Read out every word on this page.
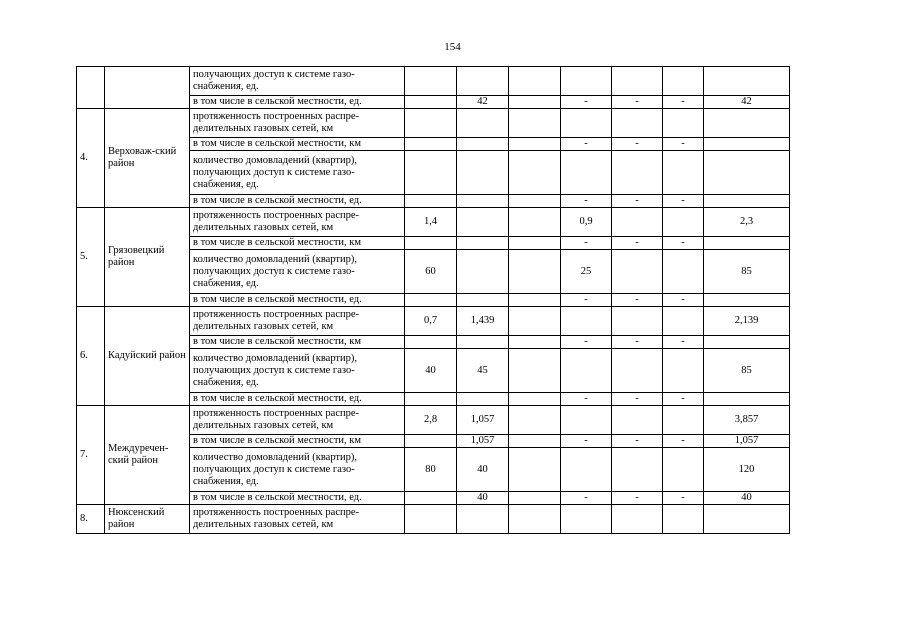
154
		получающих доступ к системе газо-снабжения, ед.							
		в том числе в сельской местности, ед.		42		-	-	-	42
4.	Верховаж-ский район	протяженность построенных распре-делительных газовых сетей, км							
		в том числе в сельской местности, км				-	-	-	
		количество домовладений (квартир), получающих доступ к системе газо-снабжения, ед.							
		в том числе в сельской местности, ед.				-	-	-	
5.	Грязовецкий район	протяженность построенных распре-делительных газовых сетей, км	1,4			0,9			2,3
		в том числе в сельской местности, км				-	-	-	
		количество домовладений (квартир), получающих доступ к системе газо-снабжения, ед.	60			25			85
		в том числе в сельской местности, ед.				-	-	-	
6.	Кадуйский район	протяженность построенных распре-делительных газовых сетей, км	0,7	1,439					2,139
		в том числе в сельской местности, км				-	-	-	
		количество домовладений (квартир), получающих доступ к системе газо-снабжения, ед.	40	45					85
		в том числе в сельской местности, ед.				-	-	-	
7.	Междуречен-ский район	протяженность построенных распре-делительных газовых сетей, км	2,8	1,057					3,857
		в том числе в сельской местности, км		1,057		-	-	-	1,057
		количество домовладений (квартир), получающих доступ к системе газо-снабжения, ед.	80	40					120
		в том числе в сельской местности, ед.		40		-	-	-	40
8.	Нюксенский район	протяженность построенных распре-делительных газовых сетей, км							
